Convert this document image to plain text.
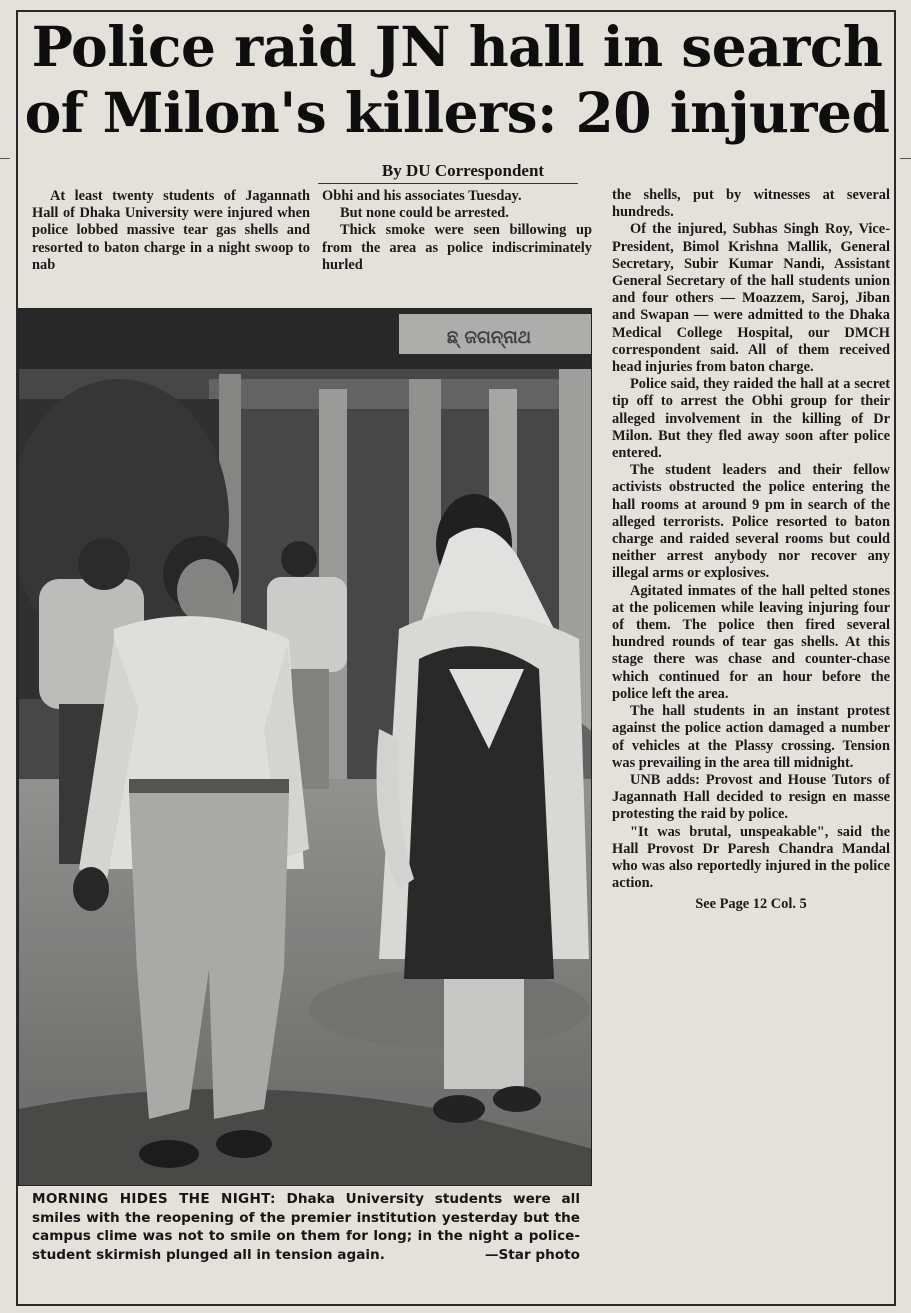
Police raid JN hall in search
of Milon's killers: 20 injured

By DU Correspondent

At least twenty students of Jagannath Hall of Dhaka University were injured when police lobbed massive tear gas shells and resorted to baton charge in a night swoop to nab

Obhi and his associates Tuesday.

But none could be arrested.

Thick smoke were seen billowing up from the area as police indiscriminately hurled

ଛ୍ ଜଗନ୍ନାଥ

the shells, put by witnesses at several hundreds.

Of the injured, Subhas Singh Roy, Vice-President, Bimol Krishna Mallik, General Secretary, Subir Kumar Nandi, Assistant General Secretary of the hall students union and four others — Moazzem, Saroj, Jiban and Swapan — were admitted to the Dhaka Medical College Hospital, our DMCH correspondent said. All of them received head injuries from baton charge.

Police said, they raided the hall at a secret tip off to arrest the Obhi group for their alleged involvement in the killing of Dr Milon. But they fled away soon after police entered.

The student leaders and their fellow activists obstructed the police entering the hall rooms at around 9 pm in search of the alleged terrorists. Police resorted to baton charge and raided several rooms but could neither arrest anybody nor recover any illegal arms or explosives.

Agitated inmates of the hall pelted stones at the policemen while leaving injuring four of them. The police then fired several hundred rounds of tear gas shells. At this stage there was chase and counter-chase which continued for an hour before the police left the area.

The hall students in an instant protest against the police action damaged a number of vehicles at the Plassy crossing. Tension was prevailing in the area till midnight.

UNB adds: Provost and House Tutors of Jagannath Hall decided to resign en masse protesting the raid by police.

"It was brutal, unspeakable", said the Hall Provost Dr Paresh Chandra Mandal who was also reportedly injured in the police action.

See Page 12 Col. 5

MORNING HIDES THE NIGHT: Dhaka University students were all smiles with the reopening of the premier institution yesterday but the campus clime was not to smile on them for long; in the night a police-student skirmish plunged all in tension again.	—Star photo
